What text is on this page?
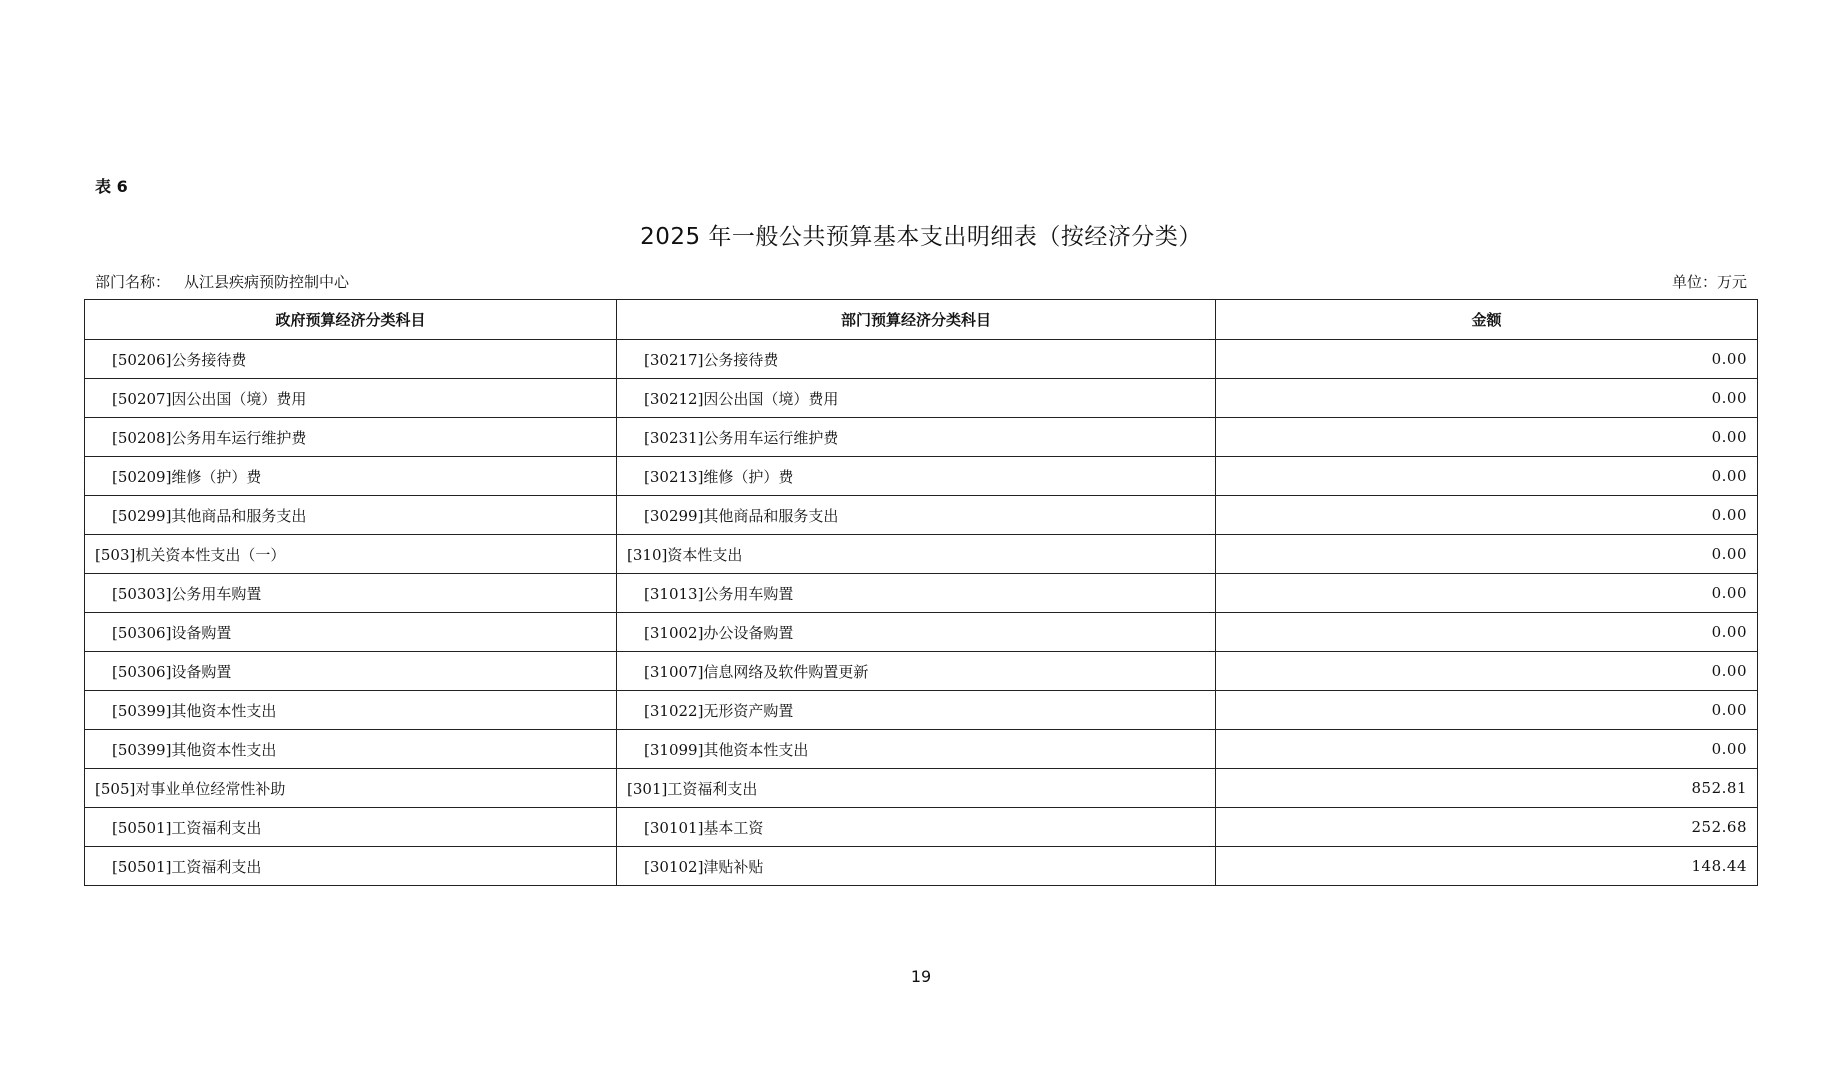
表 6
2025 年一般公共预算基本支出明细表（按经济分类）
部门名称： 从江县疾病预防控制中心	单位：万元
政府预算经济分类科目	部门预算经济分类科目	金额
[50206]公务接待费	[30217]公务接待费	0.00
[50207]因公出国（境）费用	[30212]因公出国（境）费用	0.00
[50208]公务用车运行维护费	[30231]公务用车运行维护费	0.00
[50209]维修（护）费	[30213]维修（护）费	0.00
[50299]其他商品和服务支出	[30299]其他商品和服务支出	0.00
[503]机关资本性支出（一）	[310]资本性支出	0.00
[50303]公务用车购置	[31013]公务用车购置	0.00
[50306]设备购置	[31002]办公设备购置	0.00
[50306]设备购置	[31007]信息网络及软件购置更新	0.00
[50399]其他资本性支出	[31022]无形资产购置	0.00
[50399]其他资本性支出	[31099]其他资本性支出	0.00
[505]对事业单位经常性补助	[301]工资福利支出	852.81
[50501]工资福利支出	[30101]基本工资	252.68
[50501]工资福利支出	[30102]津贴补贴	148.44
19
